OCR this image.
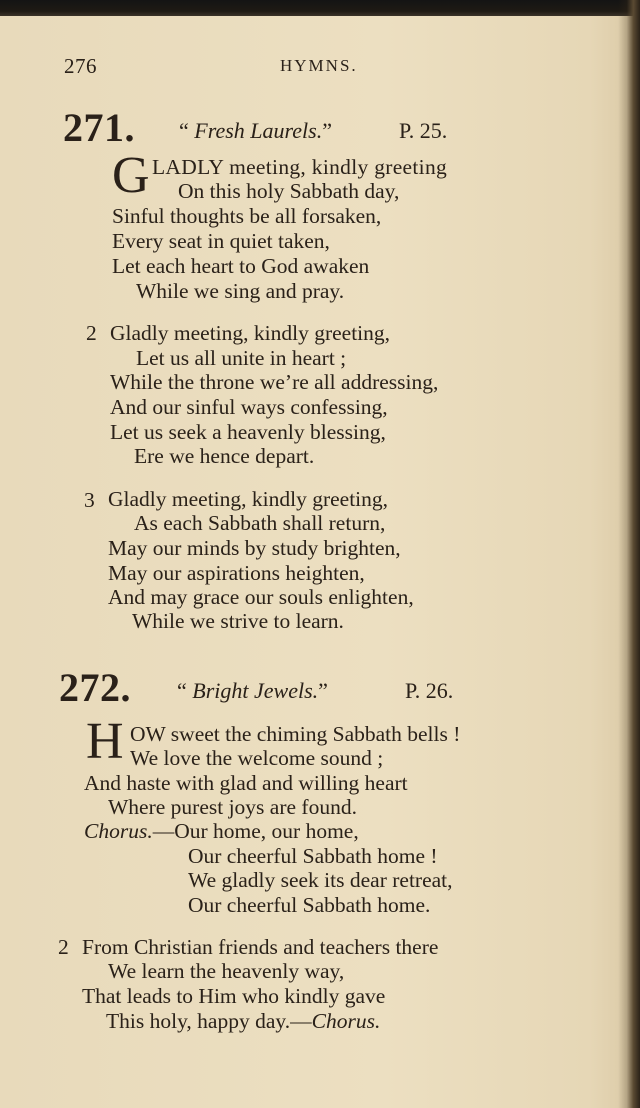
276	HYMNS.
271. “ Fresh Laurels.”	P. 25.
G LADLY meeting, kindly greeting
On this holy Sabbath day,
Sinful thoughts be all forsaken,
Every seat in quiet taken,
Let each heart to God awaken
While we sing and pray.
2 Gladly meeting, kindly greeting,
Let us all unite in heart ;
While the throne we’re all addressing,
And our sinful ways confessing,
Let us seek a heavenly blessing,
Ere we hence depart.
3 Gladly meeting, kindly greeting,
As each Sabbath shall return,
May our minds by study brighten,
May our aspirations heighten,
And may grace our souls enlighten,
While we strive to learn.
272. “ Bright Jewels.”	P. 26.
H OW sweet the chiming Sabbath bells !
We love the welcome sound ;
And haste with glad and willing heart
Where purest joys are found.
Chorus.—Our home, our home,
Our cheerful Sabbath home !
We gladly seek its dear retreat,
Our cheerful Sabbath home.
2 From Christian friends and teachers there
We learn the heavenly way,
That leads to Him who kindly gave
This holy, happy day.—Chorus.
